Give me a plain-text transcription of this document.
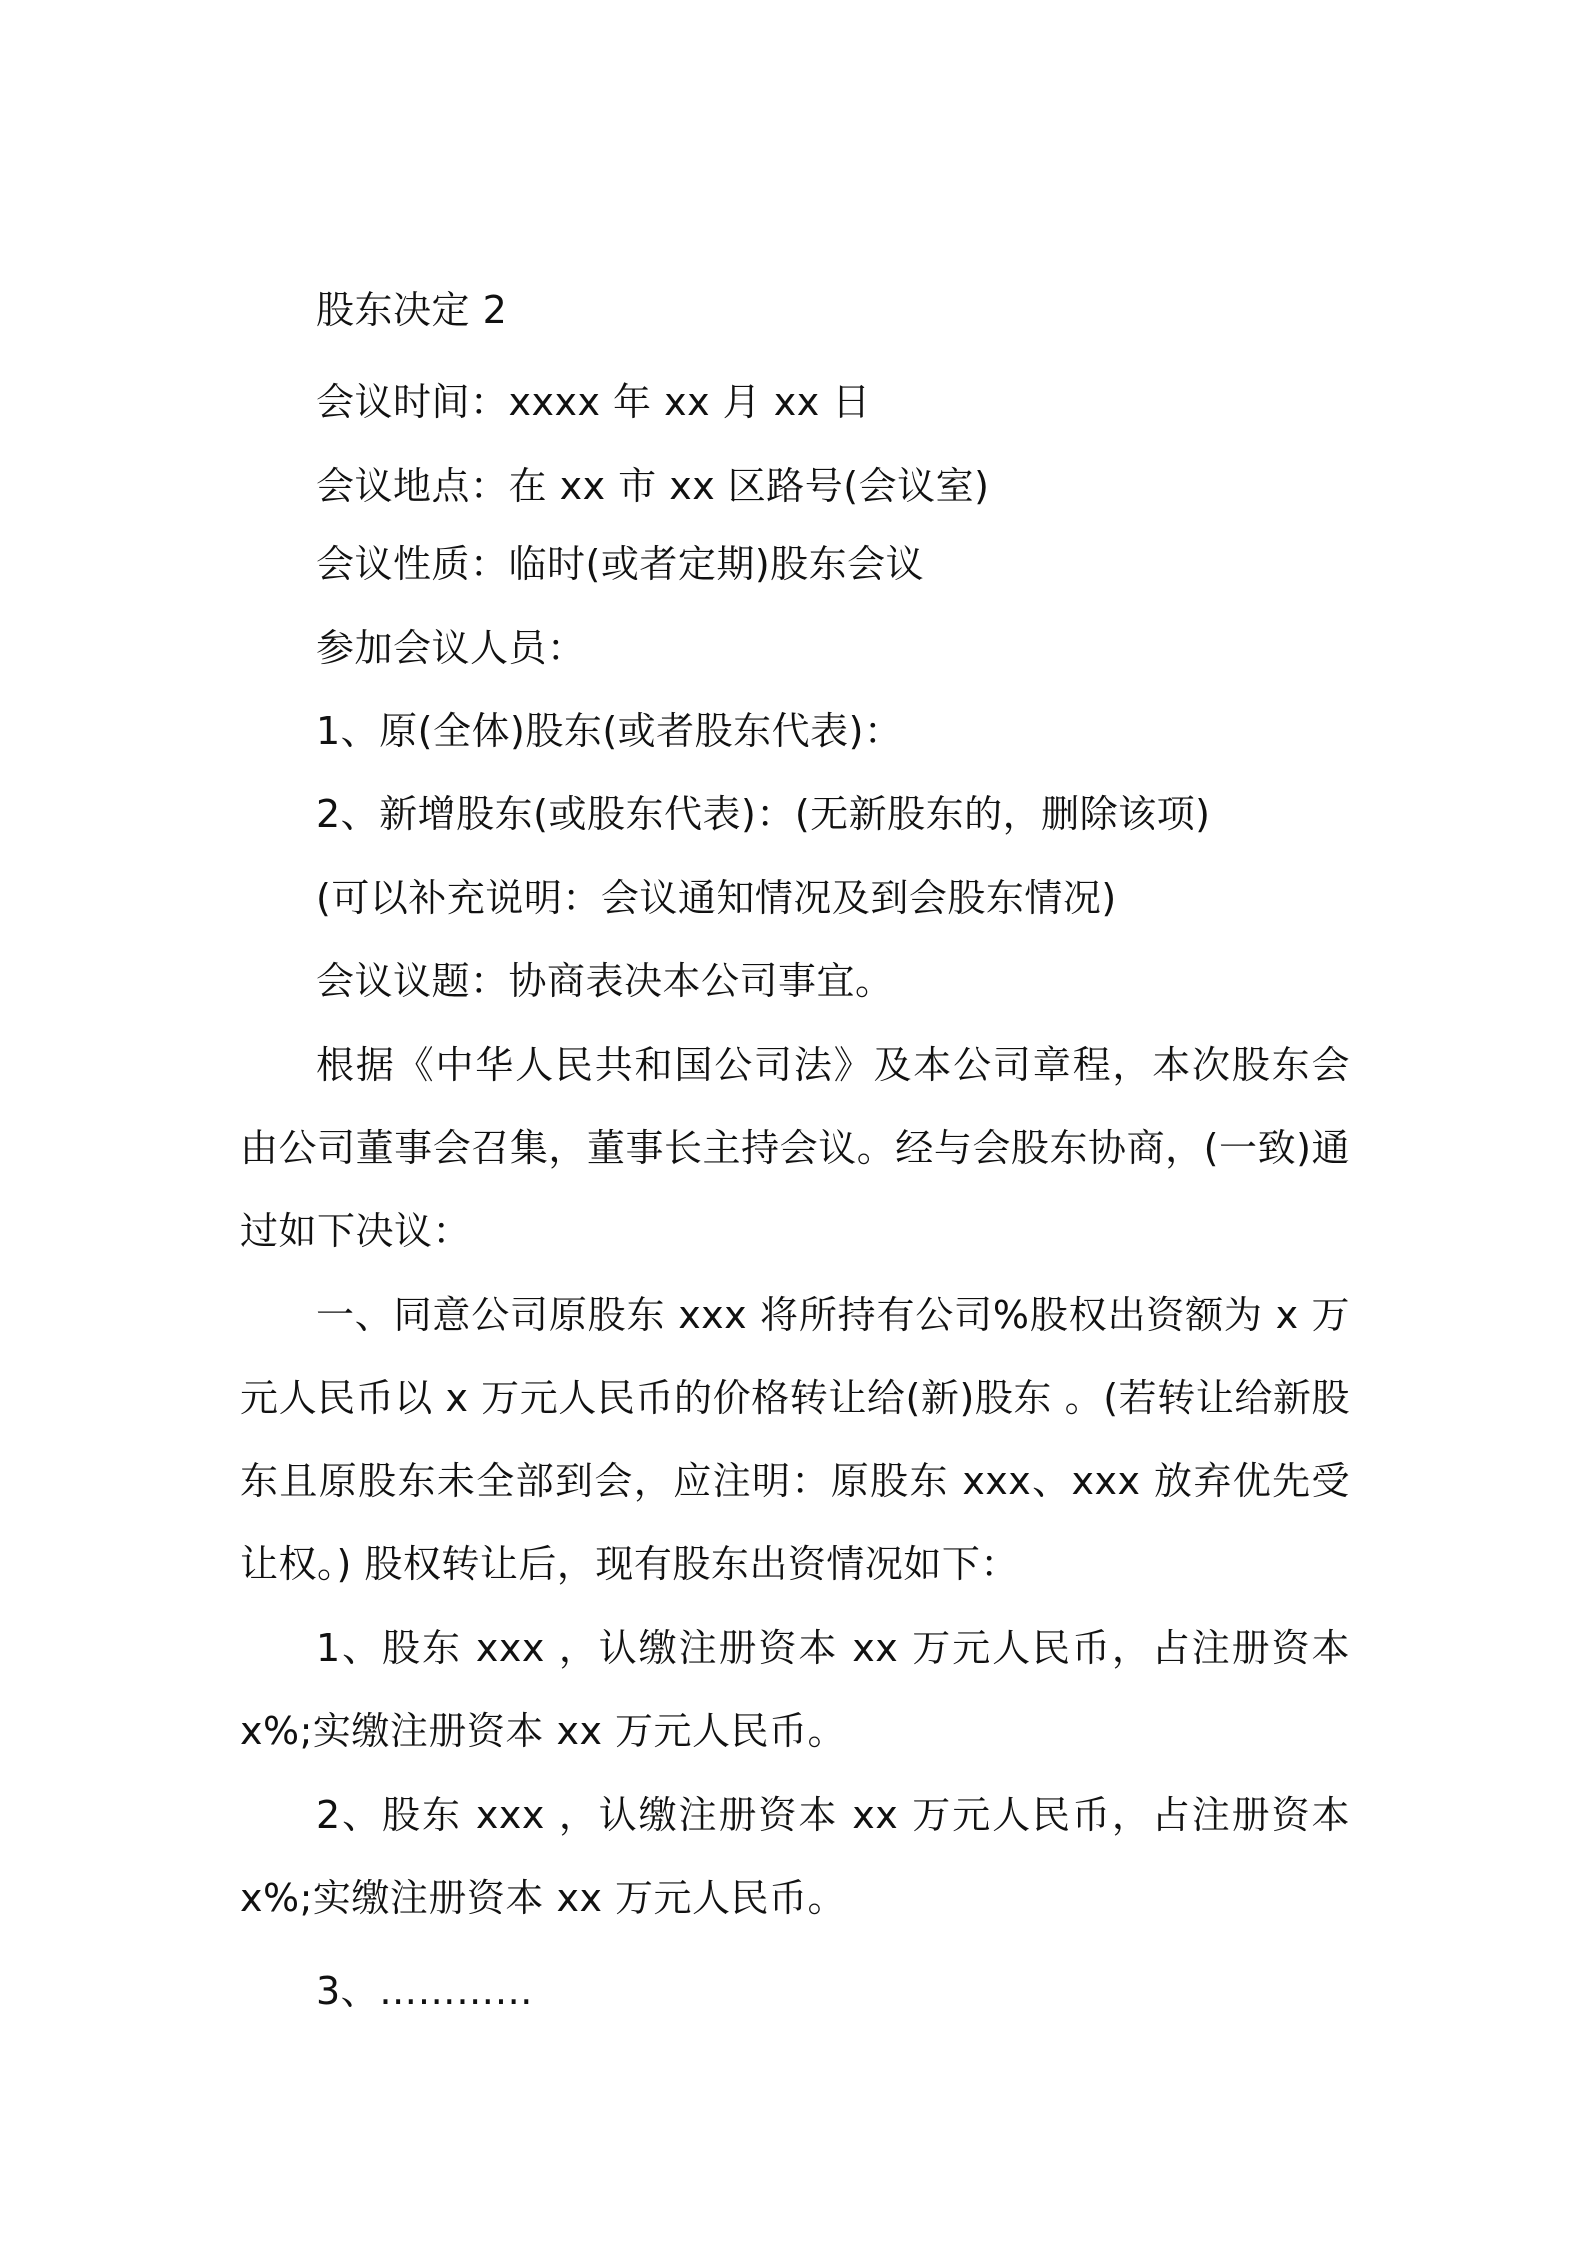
股东决定 2
会议时间：xxxx 年 xx 月 xx 日
会议地点：在 xx 市 xx 区路号(会议室)
会议性质：临时(或者定期)股东会议
参加会议人员：
1、原(全体)股东(或者股东代表)：
2、新增股东(或股东代表)：(无新股东的，删除该项)
(可以补充说明：会议通知情况及到会股东情况)
会议议题：协商表决本公司事宜。
根据《中华人民共和国公司法》及本公司章程，本次股东会由公司董事会召集，董事长主持会议。经与会股东协商，(一致)通过如下决议：
一、同意公司原股东 xxx 将所持有公司%股权出资额为 x 万元人民币以 x 万元人民币的价格转让给(新)股东 。(若转让给新股东且原股东未全部到会，应注明：原股东 xxx、xxx 放弃优先受让权。) 股权转让后，现有股东出资情况如下：
1、股东 xxx ，认缴注册资本 xx 万元人民币，占注册资本 x%;实缴注册资本 xx 万元人民币。
2、股东 xxx ，认缴注册资本 xx 万元人民币，占注册资本 x%;实缴注册资本 xx 万元人民币。
3、…………
